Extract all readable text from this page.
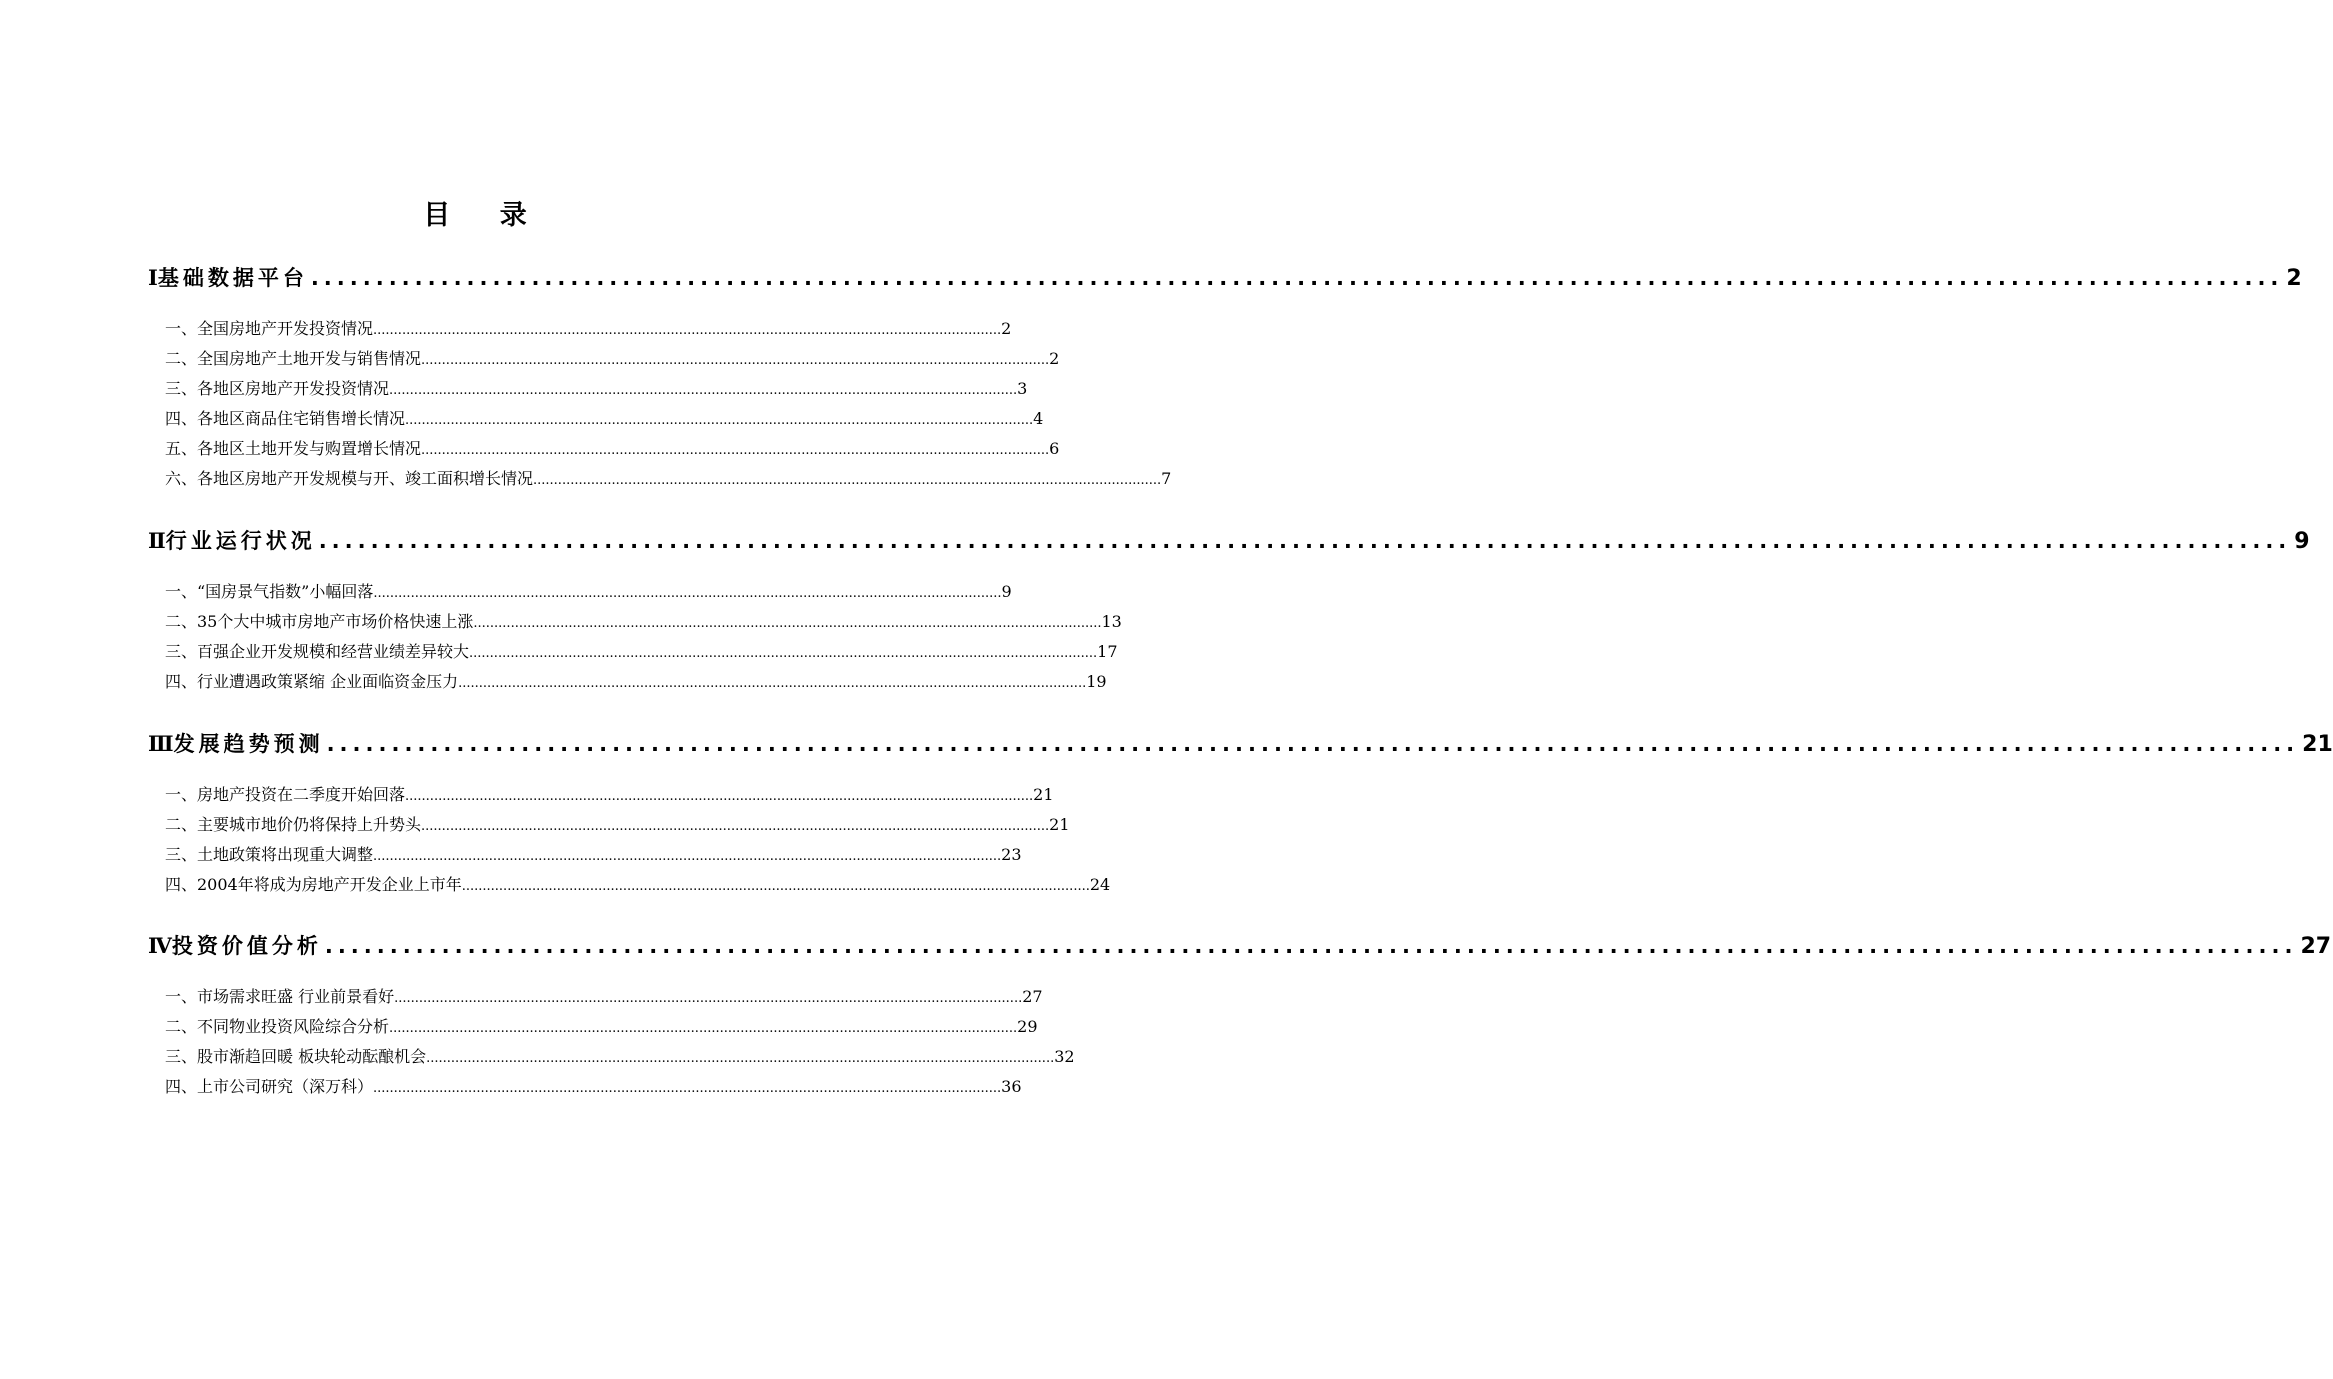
目 录
Ⅰ 基础数据平台 ........................................................................................................................................................ 2
一、全国房地产开发投资情况 ........................................................................................................................................................ 2
二、全国房地产土地开发与销售情况 ........................................................................................................................................................ 2
三、各地区房地产开发投资情况 ........................................................................................................................................................ 3
四、各地区商品住宅销售增长情况 ........................................................................................................................................................ 4
五、各地区土地开发与购置增长情况 ........................................................................................................................................................ 6
六、各地区房地产开发规模与开、竣工面积增长情况 ........................................................................................................................................................ 7
Ⅱ 行业运行状况 ........................................................................................................................................................ 9
一、“国房景气指数”小幅回落 ........................................................................................................................................................ 9
二、35个大中城市房地产市场价格快速上涨 ........................................................................................................................................................ 13
三、百强企业开发规模和经营业绩差异较大 ........................................................................................................................................................ 17
四、行业遭遇政策紧缩 企业面临资金压力 ........................................................................................................................................................ 19
Ⅲ 发展趋势预测 ........................................................................................................................................................ 21
一、房地产投资在二季度开始回落 ........................................................................................................................................................ 21
二、主要城市地价仍将保持上升势头 ........................................................................................................................................................ 21
三、土地政策将出现重大调整 ........................................................................................................................................................ 23
四、2004年将成为房地产开发企业上市年 ........................................................................................................................................................ 24
Ⅳ 投资价值分析 ........................................................................................................................................................ 27
一、市场需求旺盛 行业前景看好 ........................................................................................................................................................ 27
二、不同物业投资风险综合分析 ........................................................................................................................................................ 29
三、股市渐趋回暖 板块轮动酝酿机会 ........................................................................................................................................................ 32
四、上市公司研究（深万科） ........................................................................................................................................................ 36
